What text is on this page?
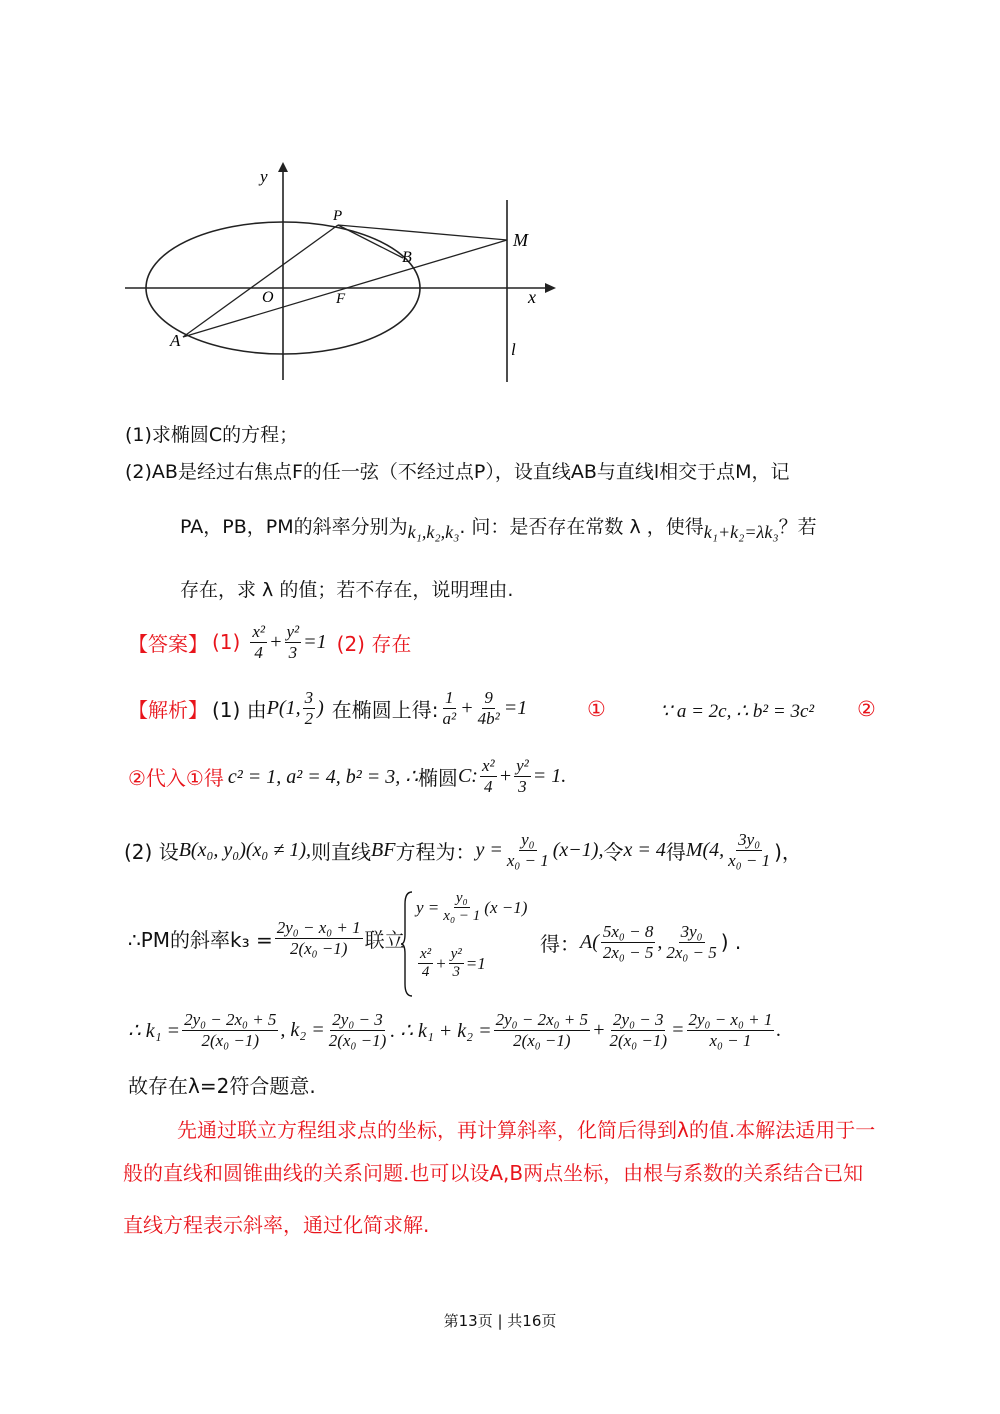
y
x
O	F
P
B
M
A	l
(1)求椭圆C的方程；
(2)AB是经过右焦点F的任一弦（不经过点P），设直线AB与直线l相交于点M，记
PA，PB，PM的斜率分别为k₁,k₂,k₃. 问：是否存在常数 λ ，使得k₁+k₂=λk₃？若
存在，求 λ 的值；若不存在，说明理由.
【答案】 (1) x²
$4 + \frac{\text{y²}}{3} =1$ (2) 存在
【解析】 (1) 由 P(1, 3
2 ) 在椭圆上得:
1
$a^2 + \frac{9}{\text{4b²}} =1$	①	∵ a = 2c, ∴ b² = 3c² ②
②代入①得 c² = 1, a² = 4, b² = 3, ∴ 椭圆 C: x²
$4 + \frac{\text{y²}}{3} = 1$.
(2) 设 B(x₀, y₀)(x₀ ≠ 1), 则直线 BF 方程为： $y = \frac{\text{y₀}}{\text{x₀ − 1}} (x-1)$, 令 x = 4 得 M(4, 3y₀
x₀ − 1 )，
∴PM的斜率$k_3 = \frac{\text{2y₀ − x₀ + 1}}{\text{2(x₀ −1)}}$ 联立
$y = \frac{\text{y₀}}{\text{x₀ − 1}} (x -1)$
x²
$4 + \frac{\text{y²}}{3} =1$
得： A( 5x₀ − 8
2x₀ − 5 , 3y₀
2x₀ − 5 ) .
∴ $k_1 = \frac{\text{2y₀ − 2x₀ + 5}}{\text{2(x₀ −1)}}$ , $k_2 = \frac{\text{2y₀ − 3}}{\text{2(x₀ −1)}}$ . ∴ $k_1 + k_2 = \frac{\text{2y₀ − 2x₀ + 5}}{\text{2(x₀ −1)}} + \frac{\text{2y₀ − 3}}{\text{2(x₀ −1)}} = \frac{\text{2y₀ − x₀ + 1}}{\text{x₀ − 1}}$ .
故存在λ=2符合题意.
先通过联立方程组求点的坐标，再计算斜率，化简后得到λ的值.本解法适用于一
般的直线和圆锥曲线的关系问题.也可以设A,B两点坐标，由根与系数的关系结合已知
直线方程表示斜率，通过化简求解.
第13页 | 共16页
